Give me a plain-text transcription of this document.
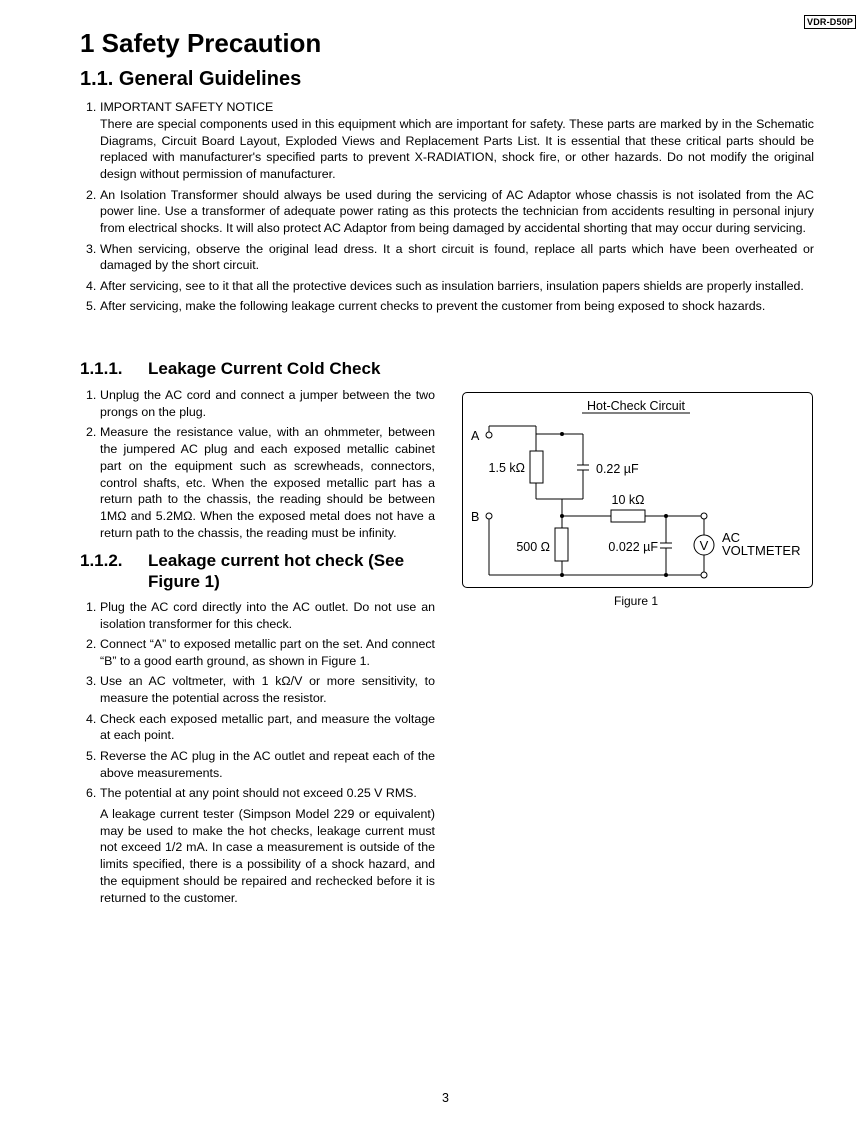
VDR-D50P
1 Safety Precaution
1.1. General Guidelines
1. IMPORTANT SAFETY NOTICE
There are special components used in this equipment which are important for safety. These parts are marked by in the Schematic Diagrams, Circuit Board Layout, Exploded Views and Replacement Parts List. It is essential that these critical parts should be replaced with manufacturer's specified parts to prevent X-RADIATION, shock fire, or other hazards. Do not modify the original design without permission of manufacturer.
2. An Isolation Transformer should always be used during the servicing of AC Adaptor whose chassis is not isolated from the AC power line. Use a transformer of adequate power rating as this protects the technician from accidents resulting in personal injury from electrical shocks. It will also protect AC Adaptor from being damaged by accidental shorting that may occur during servicing.
3. When servicing, observe the original lead dress. It a short circuit is found, replace all parts which have been overheated or damaged by the short circuit.
4. After servicing, see to it that all the protective devices such as insulation barriers, insulation papers shields are properly installed.
5. After servicing, make the following leakage current checks to prevent the customer from being exposed to shock hazards.
1.1.1. Leakage Current Cold Check
1. Unplug the AC cord and connect a jumper between the two prongs on the plug.
2. Measure the resistance value, with an ohmmeter, between the jumpered AC plug and each exposed metallic cabinet part on the equipment such as screwheads, connectors, control shafts, etc. When the exposed metallic part has a return path to the chassis, the reading should be between 1MΩ and 5.2MΩ. When the exposed metal does not have a return path to the chassis, the reading must be infinity.
1.1.2. Leakage current hot check (See
Figure 1)
1. Plug the AC cord directly into the AC outlet. Do not use an isolation transformer for this check.
2. Connect “A” to exposed metallic part on the set. And connect “B” to a good earth ground, as shown in Figure 1.
3. Use an AC voltmeter, with 1 kΩ/V or more sensitivity, to measure the potential across the resistor.
4. Check each exposed metallic part, and measure the voltage at each point.
5. Reverse the AC plug in the AC outlet and repeat each of the above measurements.
6. The potential at any point should not exceed 0.25 V RMS.
A leakage current tester (Simpson Model 229 or equivalent) may be used to make the hot checks, leakage current must not exceed 1/2 mA. In case a measurement is outside of the limits specified, there is a possibility of a shock hazard, and the equipment should be repaired and rechecked before it is returned to the customer.
Hot-Check Circuit
V
A
B
1.5 kΩ	0.22 µF
10 kΩ
500 Ω	0.022 µF
AC
VOLTMETER
Figure 1
3
